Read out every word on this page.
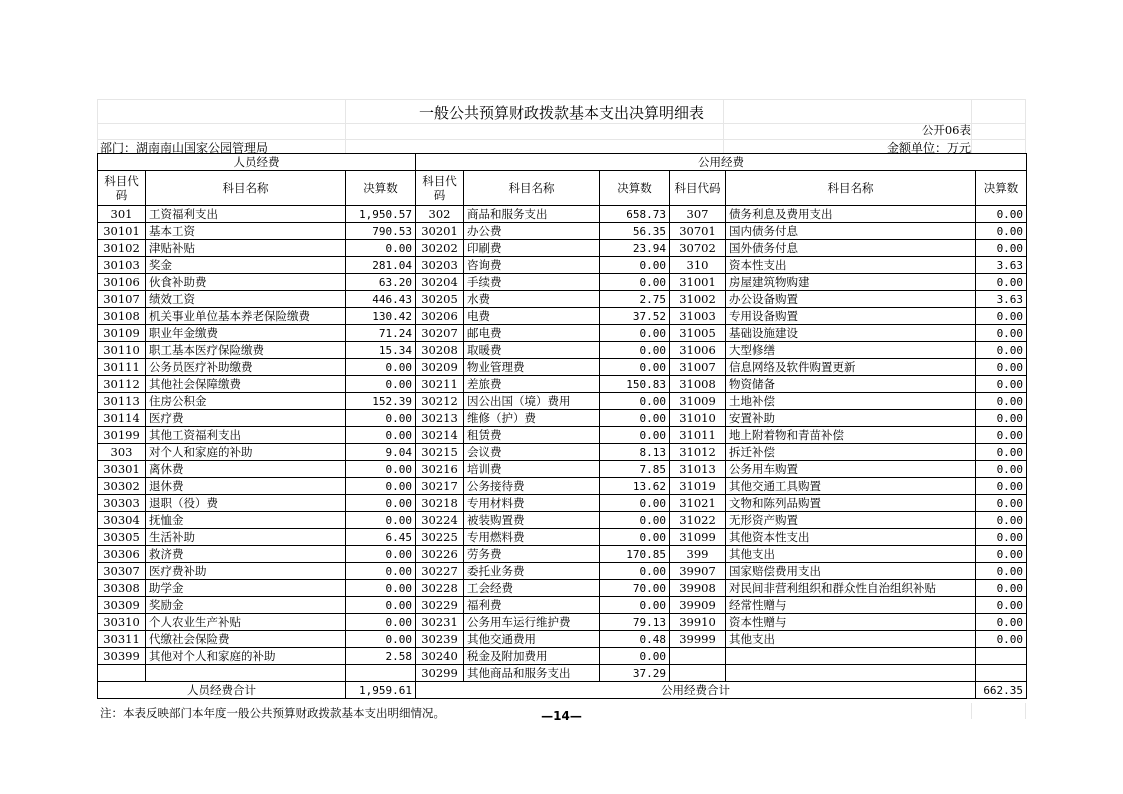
一般公共预算财政拨款基本支出决算明细表
公开06表
部门：湖南南山国家公园管理局	金额单位：万元
人员经费			公用经费					
科目代码	科目名称	决算数	科目代码	科目名称	决算数	科目代码	科目名称	决算数
301	工资福利支出	1,950.57	302	商品和服务支出	658.73	307	债务利息及费用支出	0.00
30101	基本工资	790.53	30201	办公费	56.35	30701	国内债务付息	0.00
30102	津贴补贴	0.00	30202	印刷费	23.94	30702	国外债务付息	0.00
30103	奖金	281.04	30203	咨询费	0.00	310	资本性支出	3.63
30106	伙食补助费	63.20	30204	手续费	0.00	31001	房屋建筑物购建	0.00
30107	绩效工资	446.43	30205	水费	2.75	31002	办公设备购置	3.63
30108	机关事业单位基本养老保险缴费	130.42	30206	电费	37.52	31003	专用设备购置	0.00
30109	职业年金缴费	71.24	30207	邮电费	0.00	31005	基础设施建设	0.00
30110	职工基本医疗保险缴费	15.34	30208	取暖费	0.00	31006	大型修缮	0.00
30111	公务员医疗补助缴费	0.00	30209	物业管理费	0.00	31007	信息网络及软件购置更新	0.00
30112	其他社会保障缴费	0.00	30211	差旅费	150.83	31008	物资储备	0.00
30113	住房公积金	152.39	30212	因公出国（境）费用	0.00	31009	土地补偿	0.00
30114	医疗费	0.00	30213	维修（护）费	0.00	31010	安置补助	0.00
30199	其他工资福利支出	0.00	30214	租赁费	0.00	31011	地上附着物和青苗补偿	0.00
303	对个人和家庭的补助	9.04	30215	会议费	8.13	31012	拆迁补偿	0.00
30301	离休费	0.00	30216	培训费	7.85	31013	公务用车购置	0.00
30302	退休费	0.00	30217	公务接待费	13.62	31019	其他交通工具购置	0.00
30303	退职（役）费	0.00	30218	专用材料费	0.00	31021	文物和陈列品购置	0.00
30304	抚恤金	0.00	30224	被装购置费	0.00	31022	无形资产购置	0.00
30305	生活补助	6.45	30225	专用燃料费	0.00	31099	其他资本性支出	0.00
30306	救济费	0.00	30226	劳务费	170.85	399	其他支出	0.00
30307	医疗费补助	0.00	30227	委托业务费	0.00	39907	国家赔偿费用支出	0.00
30308	助学金	0.00	30228	工会经费	70.00	39908	对民间非营利组织和群众性自治组织补贴	0.00
30309	奖励金	0.00	30229	福利费	0.00	39909	经常性赠与	0.00
30310	个人农业生产补贴	0.00	30231	公务用车运行维护费	79.13	39910	资本性赠与	0.00
30311	代缴社会保险费	0.00	30239	其他交通费用	0.48	39999	其他支出	0.00
30399	其他对个人和家庭的补助	2.58	30240	税金及附加费用	0.00			
			30299	其他商品和服务支出	37.29			
人员经费合计		1,959.61	公用经费合计					662.35
注：本表反映部门本年度一般公共预算财政拨款基本支出明细情况。	—14—
